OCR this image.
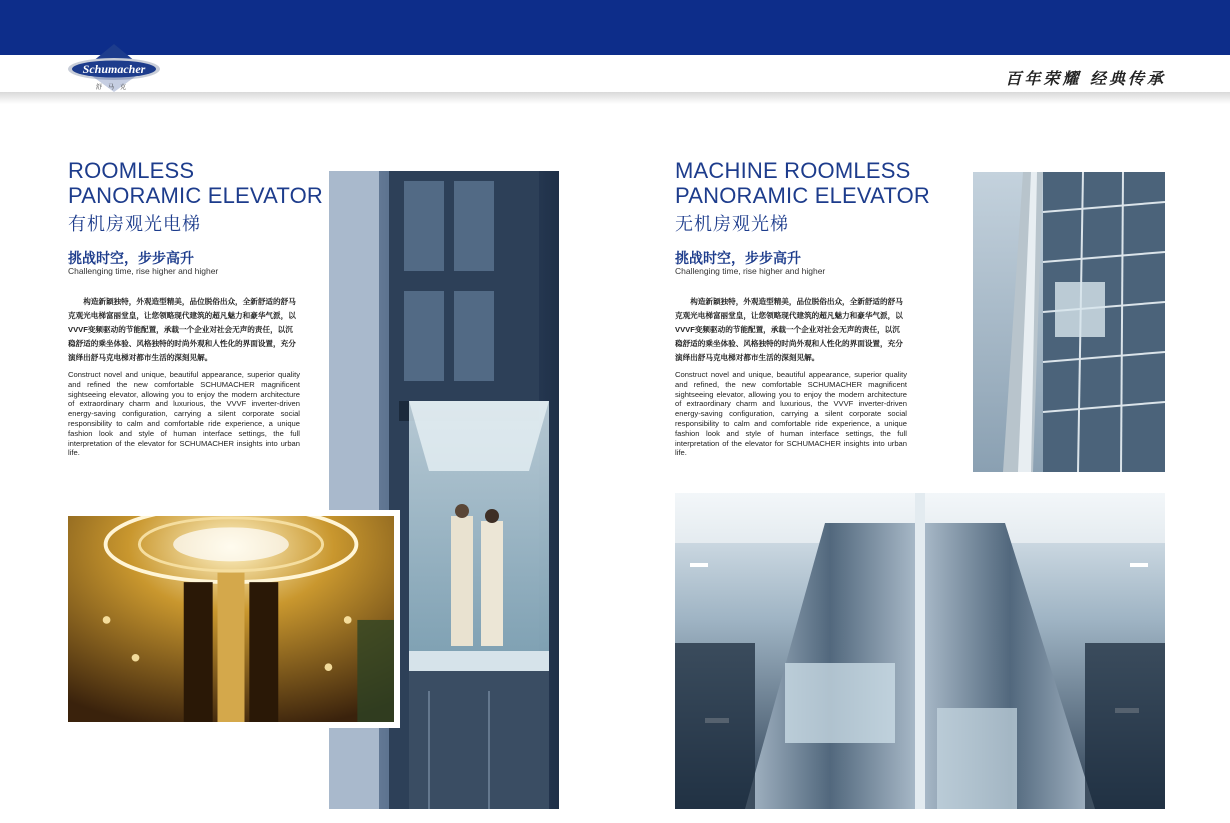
Schumacher
舒马克	百年荣耀 经典传承
ROOMLESS
PANORAMIC ELEVATOR
有机房观光电梯
挑战时空，步步高升
Challenging time, rise higher and higher
构造新颖独特，外观造型精美，品位脱俗出众，全新舒适的舒马克观光电梯富丽堂皇，让您领略现代建筑的超凡魅力和豪华气派，以VVVF变频驱动的节能配置，承载一个企业对社会无声的责任，以沉稳舒适的乘坐体验、风格独特的时尚外观和人性化的界面设置，充分演绎出舒马克电梯对都市生活的深刻见解。
Construct novel and unique, beautiful appearance, superior quality and refined the new comfortable SCHUMACHER magnificent sightseeing elevator, allowing you to enjoy the modern architecture of extraordinary charm and luxurious, the VVVF inverter-driven energy-saving configuration, carrying a silent corporate social responsibility to calm and comfortable ride experience, a unique fashion look and style of human interface settings, the full interpretation of the elevator for SCHUMACHER insights into urban life.
MACHINE ROOMLESS
PANORAMIC ELEVATOR
无机房观光梯
挑战时空，步步高升
Challenging time, rise higher and higher
构造新颖独特，外观造型精美，品位脱俗出众，全新舒适的舒马克观光电梯富丽堂皇，让您领略现代建筑的超凡魅力和豪华气派，以VVVF变频驱动的节能配置，承载一个企业对社会无声的责任，以沉稳舒适的乘坐体验、风格独特的时尚外观和人性化的界面设置，充分演绎出舒马克电梯对都市生活的深刻见解。
Construct novel and unique, beautiful appearance, superior quality and refined, the new comfortable SCHUMACHER magnificent sightseeing elevator, allowing you to enjoy the modern architecture of extraordinary charm and luxurious, the VVVF inverter-driven energy-saving configuration, carrying a silent corporate social responsibility to calm and comfortable ride experience, a unique fashion look and style of human interface settings, the full interpretation of the elevator for SCHUMACHER insights into urban life.
